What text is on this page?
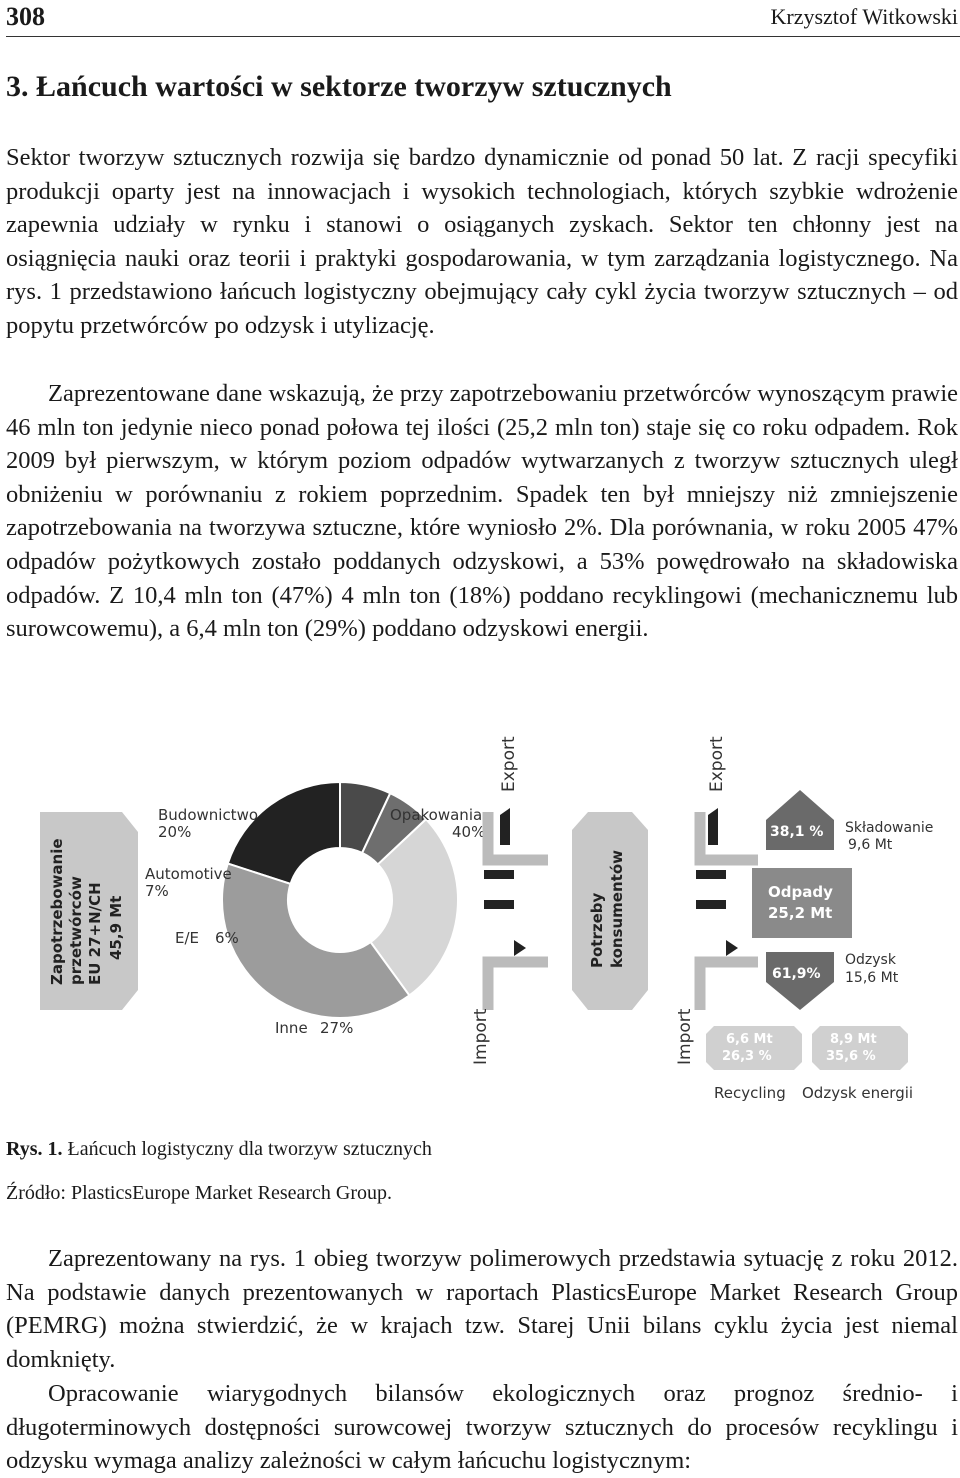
308	Krzysztof Witkowski
3. Łańcuch wartości w sektorze tworzyw sztucznych

Sektor tworzyw sztucznych rozwija się bardzo dynamicznie od ponad 50 lat. Z racji specyfiki produkcji oparty jest na innowacjach i wysokich technologiach, których szybkie wdrożenie zapewnia udziały w rynku i stanowi o osiąganych zyskach. Sektor ten chłonny jest na osiągnięcia nauki oraz teorii i praktyki gospodarowania, w tym zarządzania logistycznego. Na rys. 1 przedstawiono łańcuch logistyczny obejmujący cały cykl życia tworzyw sztucznych – od popytu przetwórców po odzysk i utylizację.

Zaprezentowane dane wskazują, że przy zapotrzebowaniu przetwórców wynoszącym prawie 46 mln ton jedynie nieco ponad połowa tej ilości (25,2 mln ton) staje się co roku odpadem. Rok 2009 był pierwszym, w którym poziom odpadów wytwarzanych z tworzyw sztucznych uległ obniżeniu w porównaniu z rokiem poprzednim. Spadek ten był mniejszy niż zmniejszenie zapotrzebowania na tworzywa sztuczne, które wyniosło 2%. Dla porównania, w roku 2005 47% odpadów pożytkowych zostało poddanych odzyskowi, a 53% powędrowało na składowiska odpadów. Z 10,4 mln ton (47%) 4 mln ton (18%) poddano recyklingowi (mechanicznemu lub surowcowemu), a 6,4 mln ton (29%) poddano odzyskowi energii.

Zapotrzebowanie przetwórców EU 27+N/CH 45,9 Mt
Budownictwo
20%
Automotive
7%
E/E 6%
Inne 27%
Opakowania
40%
Export	Export
Import	Import
Potrzeby konsumentów
38,1 % Składowanie
9,6 Mt
Odpady
25,2 Mt
61,9%
Odzysk
15,6 Mt
6,6 Mt
26,3 %
Recycling
8,9 Mt
35,6 %
Odzysk energii
Rys. 1. Łańcuch logistyczny dla tworzyw sztucznych
Źródło: PlasticsEurope Market Research Group.

Zaprezentowany na rys. 1 obieg tworzyw polimerowych przedstawia sytuację z roku 2012. Na podstawie danych prezentowanych w raportach PlasticsEurope Market Research Group (PEMRG) można stwierdzić, że w krajach tzw. Starej Unii bilans cyklu życia jest niemal domknięty.

Opracowanie wiarygodnych bilansów ekologicznych oraz prognoz średnio- i długoterminowych dostępności surowcowej tworzyw sztucznych do procesów recyklingu i odzysku wymaga analizy zależności w całym łańcuchu logistycznym:
